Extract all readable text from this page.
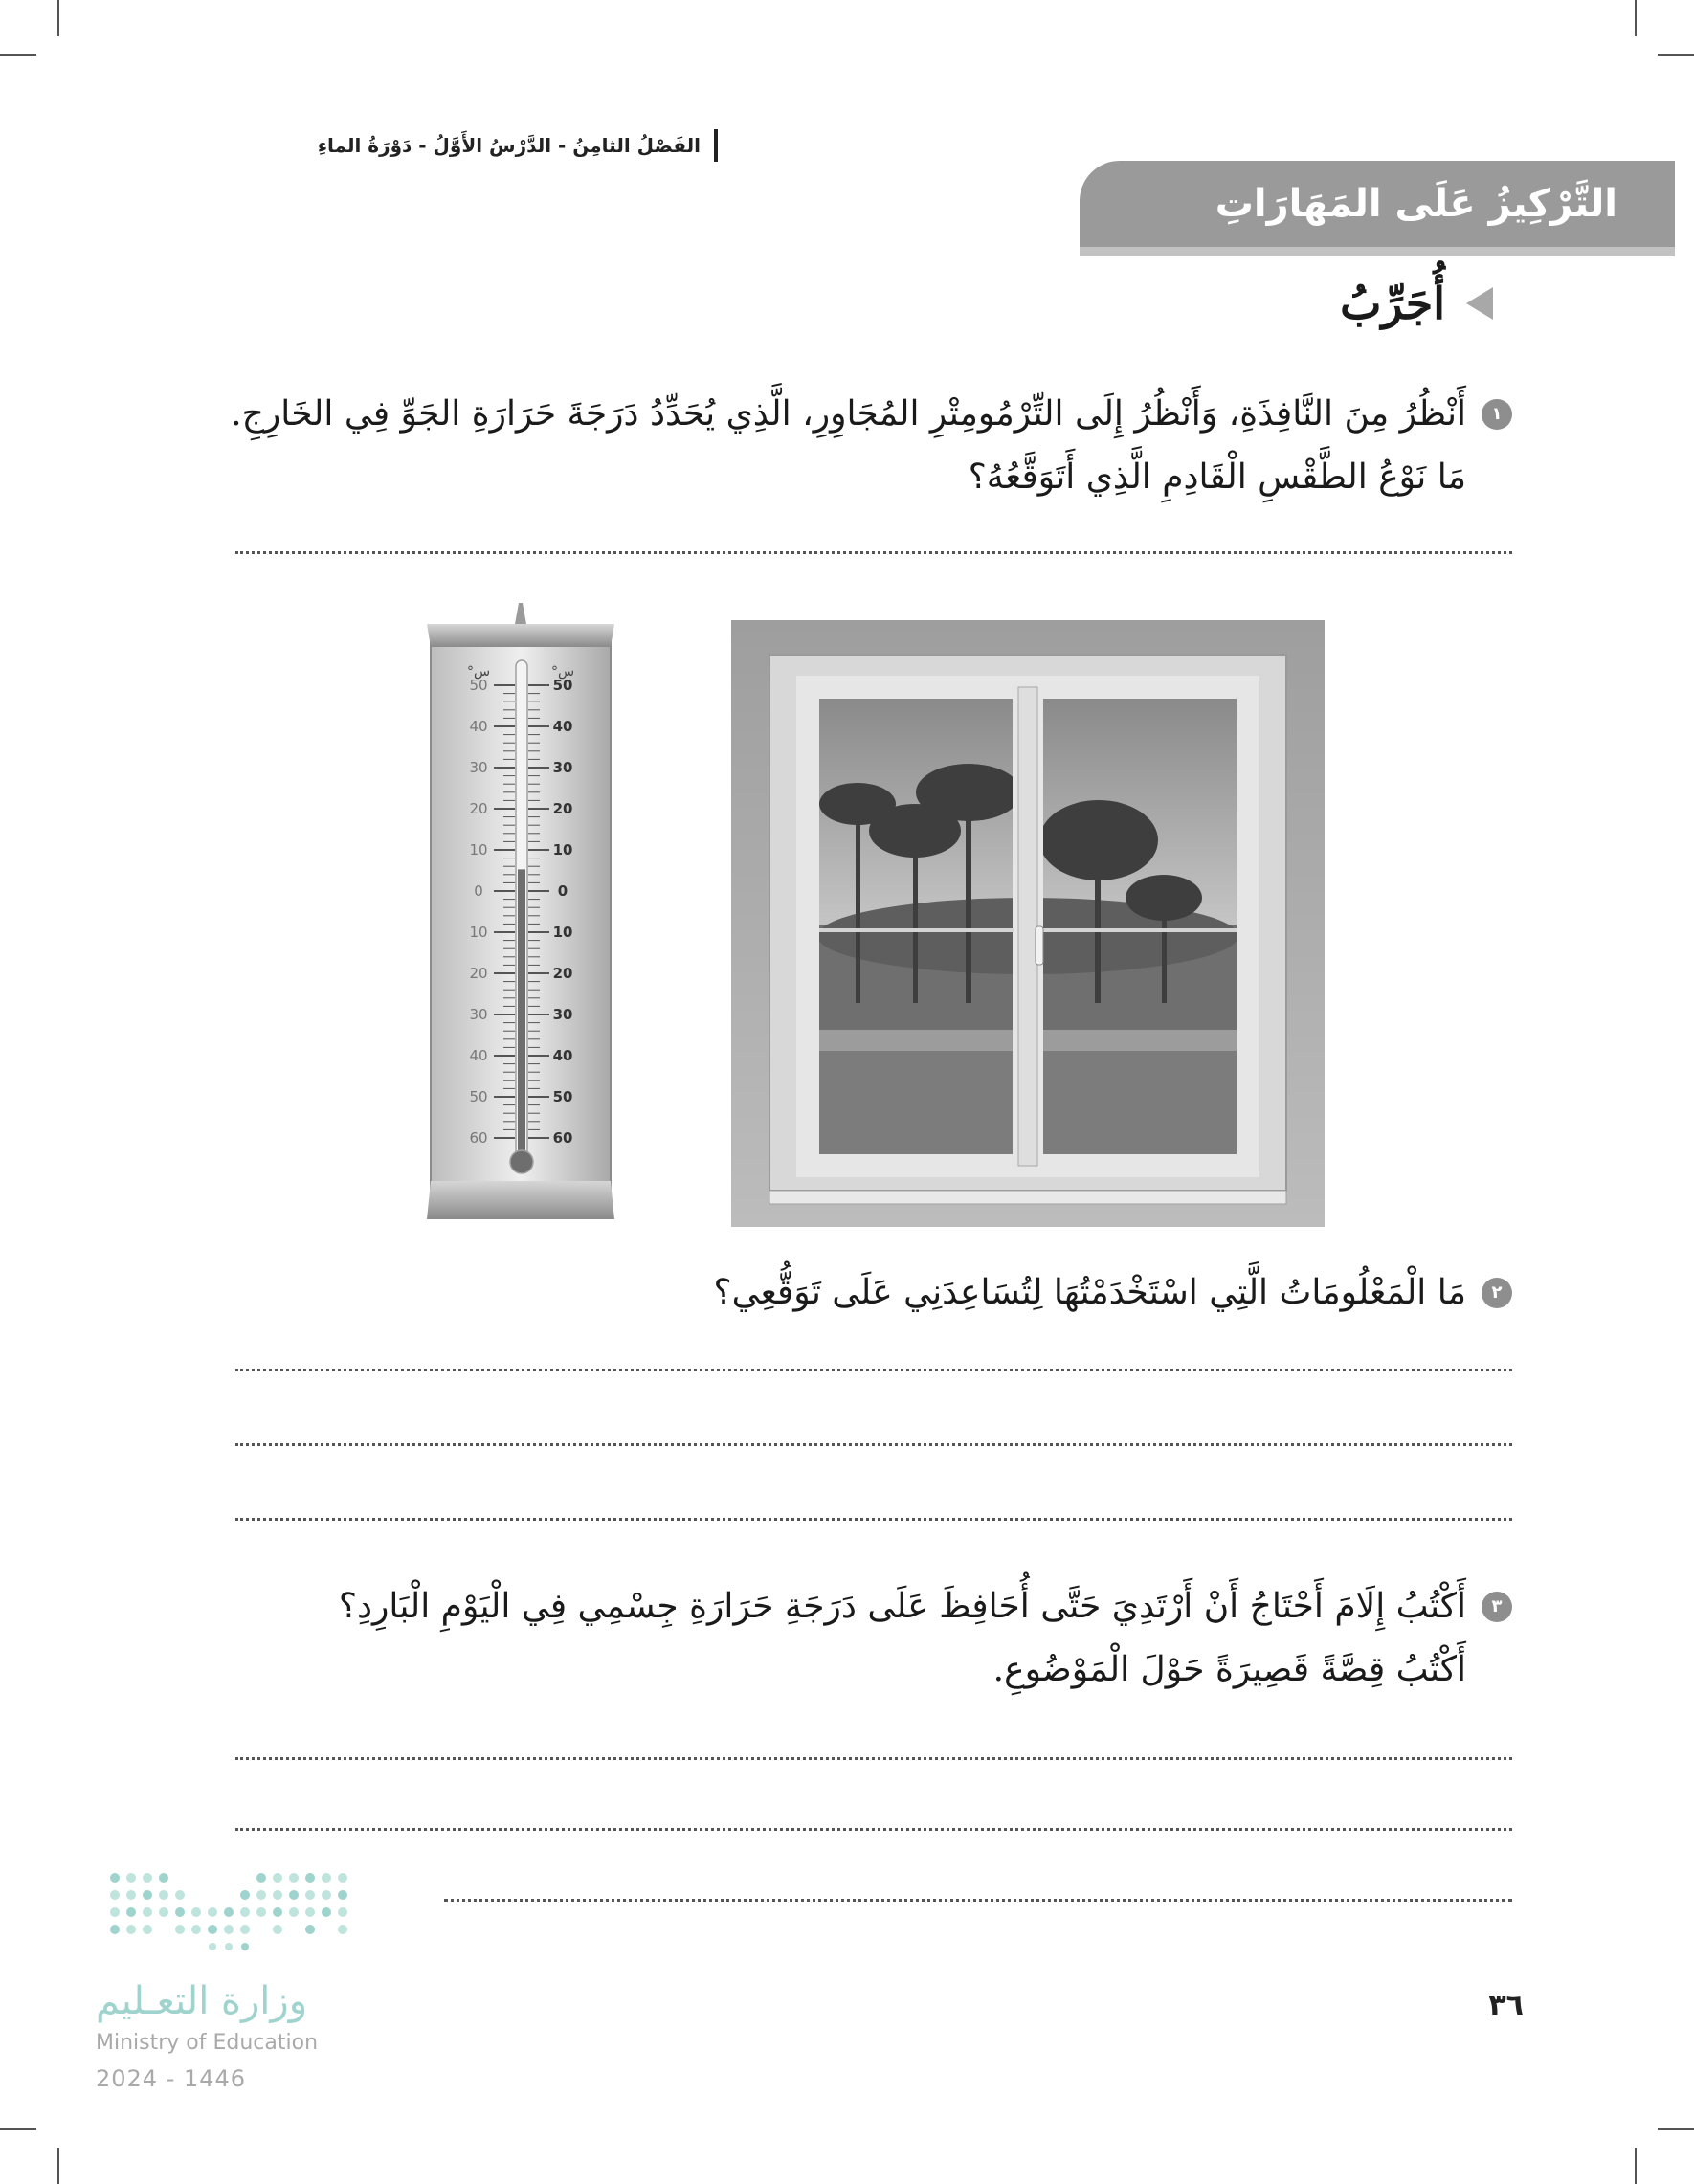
الفَصْلُ الثامِنُ - الدَّرْسُ الأَوَّلُ - دَوْرَةُ الماءِ
التَّرْكِيزُ عَلَى المَهَارَاتِ
أُجَرِّبُ
١
أَنْظُرُ مِنَ النَّافِذَةِ، وَأَنْظُرُ إِلَى التِّرْمُومِتْرِ المُجَاوِرِ، الَّذِي يُحَدِّدُ دَرَجَةَ حَرَارَةِ الجَوِّ فِي الخَارِجِ.
مَا نَوْعُ الطَّقْسِ الْقَادِمِ الَّذِي أَتَوَقَّعُهُ؟
°س	°س
50	50
40	40
30	30
20	20
10	10
0	0
10	10
20	20
30	30
40	40
50	50
60	60
٢
مَا الْمَعْلُومَاتُ الَّتِي اسْتَخْدَمْتُهَا لِتُسَاعِدَنِي عَلَى تَوَقُّعِي؟
٣
أَكْتُبُ إِلَامَ أَحْتَاجُ أَنْ أَرْتَدِيَ حَتَّى أُحَافِظَ عَلَى دَرَجَةِ حَرَارَةِ جِسْمِي فِي الْيَوْمِ الْبَارِدِ؟
أَكْتُبُ قِصَّةً قَصِيرَةً حَوْلَ الْمَوْضُوعِ.
وزارة التعـليم
Ministry of Education
2024 - 1446
٣٦
